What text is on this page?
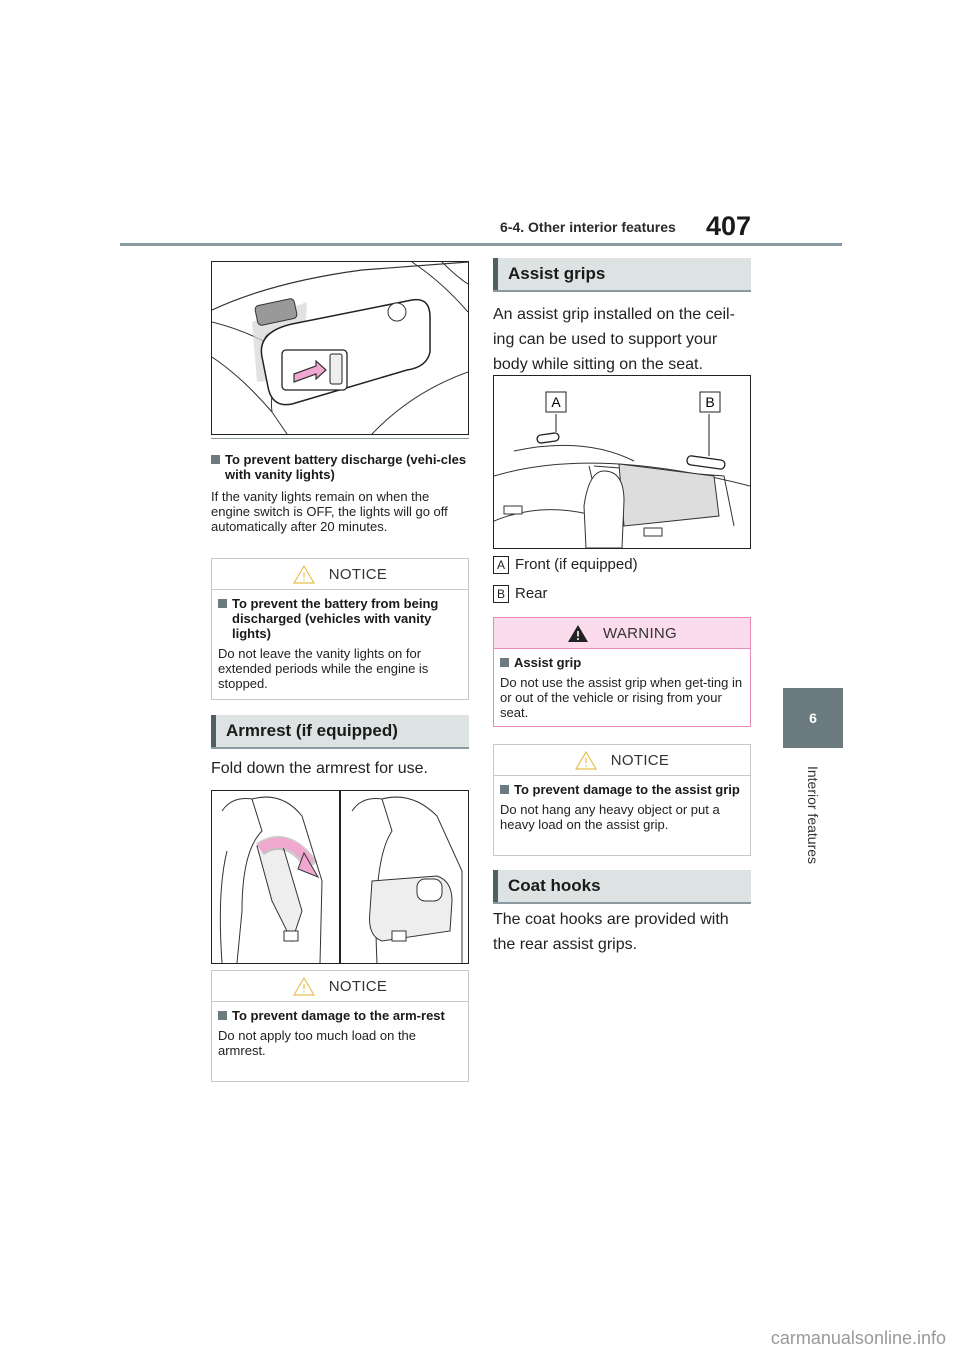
6-4. Other interior features 407
6
Interior features
To prevent battery discharge (vehi-cles with vanity lights)
If the vanity lights remain on when the engine switch is OFF, the lights will go off automatically after 20 minutes.
NOTICE
To prevent the battery from being discharged (vehicles with vanity lights)
Do not leave the vanity lights on for extended periods while the engine is stopped.
Armrest (if equipped)
Fold down the armrest for use.
NOTICE
To prevent damage to the arm-rest
Do not apply too much load on the armrest.
Assist grips
An assist grip installed on the ceil-ing can be used to support your body while sitting on the seat.
A	B
A Front (if equipped)
B Rear
WARNING
Assist grip
Do not use the assist grip when get-ting in or out of the vehicle or rising from your seat.
NOTICE
To prevent damage to the assist grip
Do not hang any heavy object or put a heavy load on the assist grip.
Coat hooks
The coat hooks are provided with the rear assist grips.
carmanualsonline.info
